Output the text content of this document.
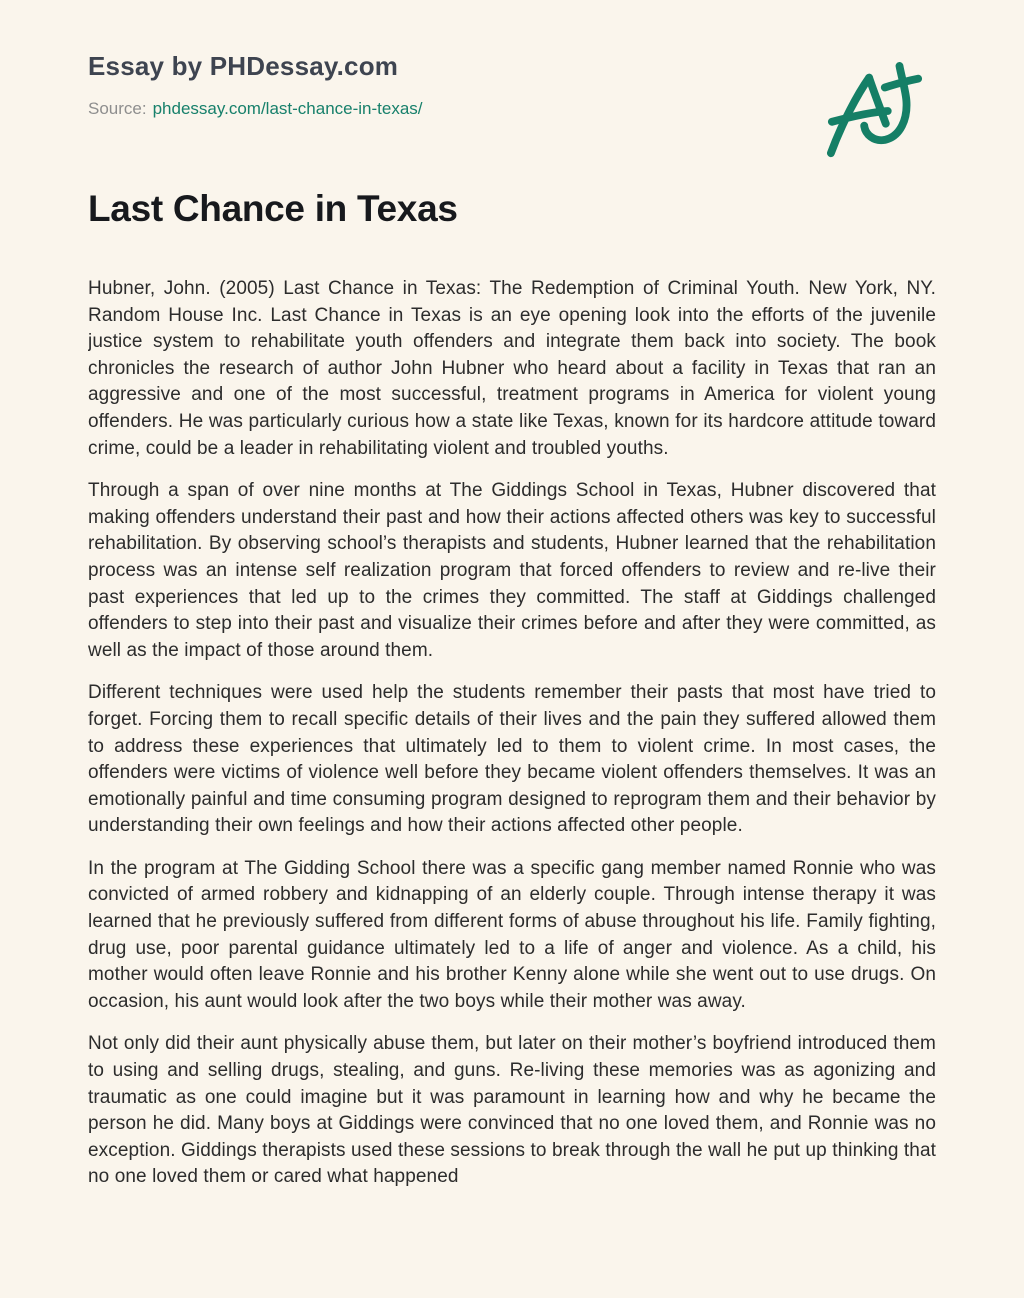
Essay by PHDessay.com
Source: phdessay.com/last-chance-in-texas/
Last Chance in Texas

Hubner, John. (2005) Last Chance in Texas: The Redemption of Criminal Youth. New York, NY. Random House Inc. Last Chance in Texas is an eye opening look into the efforts of the juvenile justice system to rehabilitate youth offenders and integrate them back into society. The book chronicles the research of author John Hubner who heard about a facility in Texas that ran an aggressive and one of the most successful, treatment programs in America for violent young offenders. He was particularly curious how a state like Texas, known for its hardcore attitude toward crime, could be a leader in rehabilitating violent and troubled youths.

Through a span of over nine months at The Giddings School in Texas, Hubner discovered that making offenders understand their past and how their actions affected others was key to successful rehabilitation. By observing school’s therapists and students, Hubner learned that the rehabilitation process was an intense self realization program that forced offenders to review and re-live their past experiences that led up to the crimes they committed. The staff at Giddings challenged offenders to step into their past and visualize their crimes before and after they were committed, as well as the impact of those around them.

Different techniques were used help the students remember their pasts that most have tried to forget. Forcing them to recall specific details of their lives and the pain they suffered allowed them to address these experiences that ultimately led to them to violent crime. In most cases, the offenders were victims of violence well before they became violent offenders themselves. It was an emotionally painful and time consuming program designed to reprogram them and their behavior by understanding their own feelings and how their actions affected other people.

In the program at The Gidding School there was a specific gang member named Ronnie who was convicted of armed robbery and kidnapping of an elderly couple. Through intense therapy it was learned that he previously suffered from different forms of abuse throughout his life. Family fighting, drug use, poor parental guidance ultimately led to a life of anger and violence. As a child, his mother would often leave Ronnie and his brother Kenny alone while she went out to use drugs. On occasion, his aunt would look after the two boys while their mother was away.

Not only did their aunt physically abuse them, but later on their mother’s boyfriend introduced them to using and selling drugs, stealing, and guns. Re-living these memories was as agonizing and traumatic as one could imagine but it was paramount in learning how and why he became the person he did. Many boys at Giddings were convinced that no one loved them, and Ronnie was no exception. Giddings therapists used these sessions to break through the wall he put up thinking that no one loved them or cared what happened
